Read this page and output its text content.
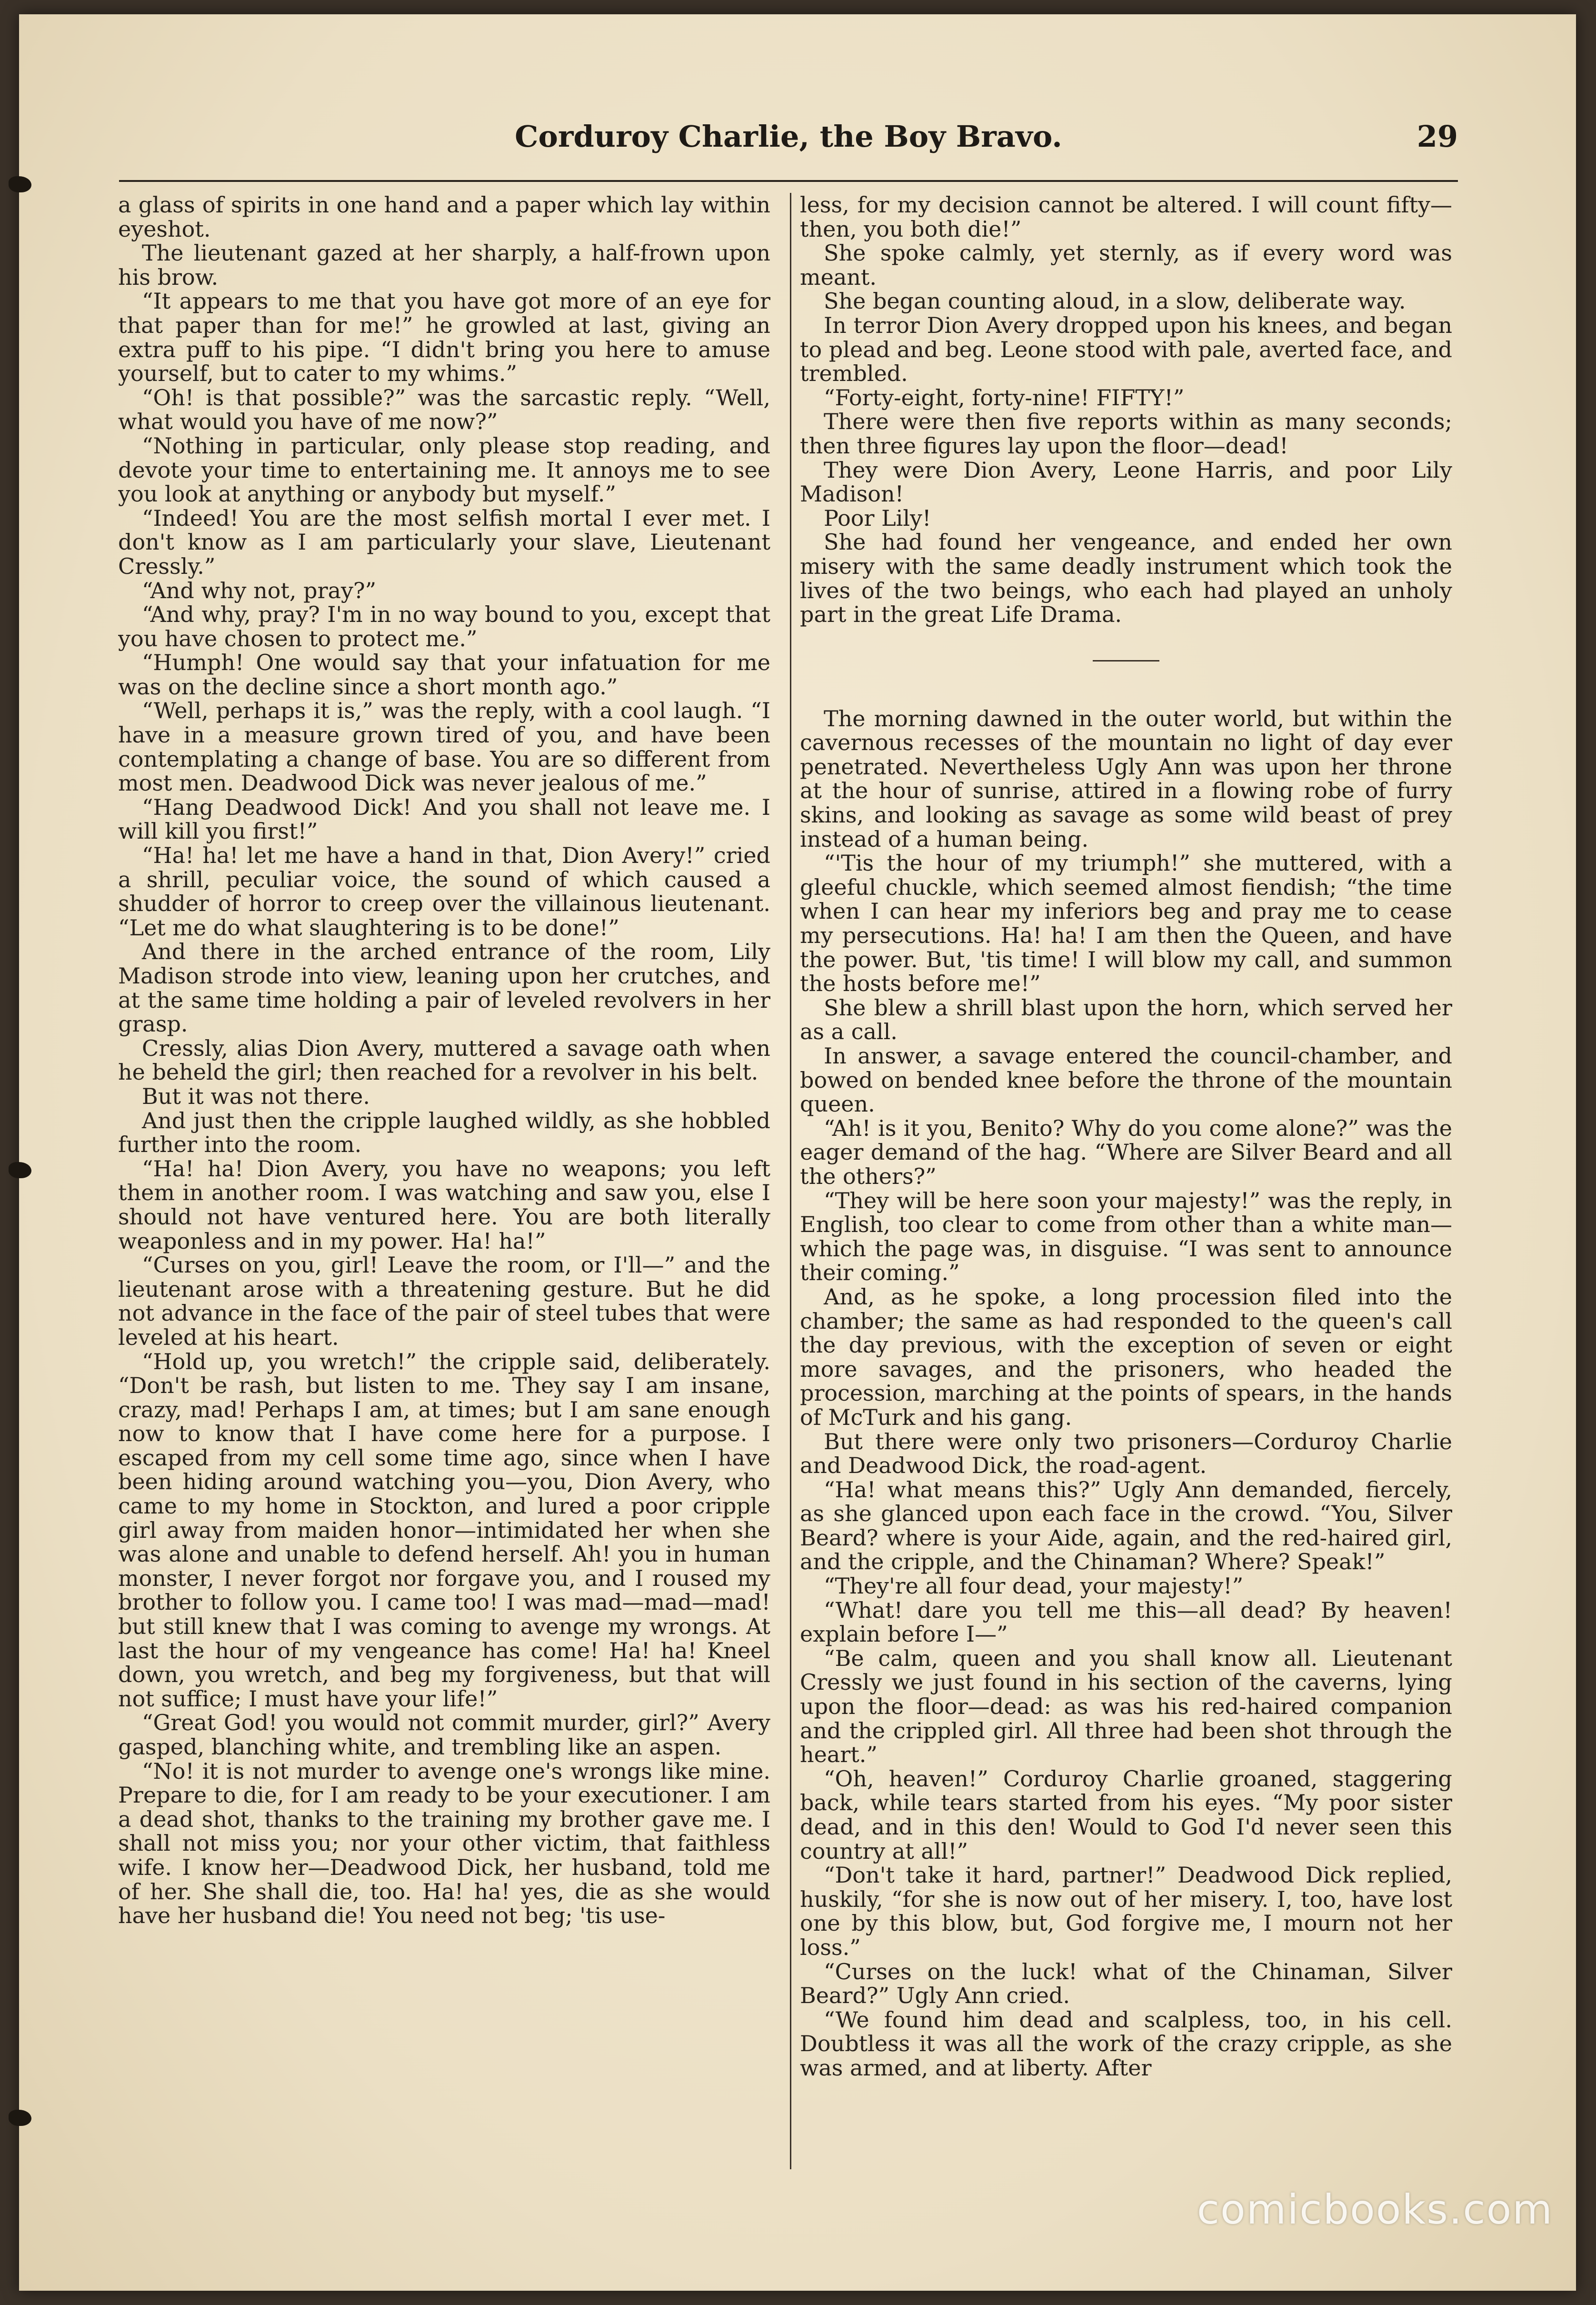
Corduroy Charlie, the Boy Bravo.	29

a glass of spirits in one hand and a paper which lay within eyeshot.

The lieutenant gazed at her sharply, a half-frown upon his brow.

“It appears to me that you have got more of an eye for that paper than for me!” he growled at last, giving an extra puff to his pipe. “I didn't bring you here to amuse yourself, but to cater to my whims.”

“Oh! is that possible?” was the sarcastic reply. “Well, what would you have of me now?”

“Nothing in particular, only please stop reading, and devote your time to entertaining me. It annoys me to see you look at anything or anybody but myself.”

“Indeed! You are the most selfish mortal I ever met. I don't know as I am particularly your slave, Lieutenant Cressly.”

“And why not, pray?”

“And why, pray? I'm in no way bound to you, except that you have chosen to protect me.”

“Humph! One would say that your infatuation for me was on the decline since a short month ago.”

“Well, perhaps it is,” was the reply, with a cool laugh. “I have in a measure grown tired of you, and have been contemplating a change of base. You are so different from most men. Deadwood Dick was never jealous of me.”

“Hang Deadwood Dick! And you shall not leave me. I will kill you first!”

“Ha! ha! let me have a hand in that, Dion Avery!” cried a shrill, peculiar voice, the sound of which caused a shudder of horror to creep over the villainous lieutenant. “Let me do what slaughtering is to be done!”

And there in the arched entrance of the room, Lily Madison strode into view, leaning upon her crutches, and at the same time holding a pair of leveled revolvers in her grasp.

Cressly, alias Dion Avery, muttered a savage oath when he beheld the girl; then reached for a revolver in his belt.

But it was not there.

And just then the cripple laughed wildly, as she hobbled further into the room.

“Ha! ha! Dion Avery, you have no weapons; you left them in another room. I was watching and saw you, else I should not have ventured here. You are both literally weaponless and in my power. Ha! ha!”

“Curses on you, girl! Leave the room, or I'll—” and the lieutenant arose with a threatening gesture. But he did not advance in the face of the pair of steel tubes that were leveled at his heart.

“Hold up, you wretch!” the cripple said, deliberately. “Don't be rash, but listen to me. They say I am insane, crazy, mad! Perhaps I am, at times; but I am sane enough now to know that I have come here for a purpose. I escaped from my cell some time ago, since when I have been hiding around watching you—you, Dion Avery, who came to my home in Stockton, and lured a poor cripple girl away from maiden honor—intimidated her when she was alone and unable to defend herself. Ah! you in human monster, I never forgot nor forgave you, and I roused my brother to follow you. I came too! I was mad—mad—mad! but still knew that I was coming to avenge my wrongs. At last the hour of my vengeance has come! Ha! ha! Kneel down, you wretch, and beg my forgiveness, but that will not suffice; I must have your life!”

“Great God! you would not commit murder, girl?” Avery gasped, blanching white, and trembling like an aspen.

“No! it is not murder to avenge one's wrongs like mine. Prepare to die, for I am ready to be your executioner. I am a dead shot, thanks to the training my brother gave me. I shall not miss you; nor your other victim, that faithless wife. I know her—Deadwood Dick, her husband, told me of her. She shall die, too. Ha! ha! yes, die as she would have her husband die! You need not beg; 'tis use-

less, for my decision cannot be altered. I will count fifty—then, you both die!”

She spoke calmly, yet sternly, as if every word was meant.

She began counting aloud, in a slow, deliberate way.

In terror Dion Avery dropped upon his knees, and began to plead and beg. Leone stood with pale, averted face, and trembled.

“Forty-eight, forty-nine! FIFTY!”

There were then five reports within as many seconds; then three figures lay upon the floor—dead!

They were Dion Avery, Leone Harris, and poor Lily Madison!

Poor Lily!

She had found her vengeance, and ended her own misery with the same deadly instrument which took the lives of the two beings, who each had played an unholy part in the great Life Drama.

The morning dawned in the outer world, but within the cavernous recesses of the mountain no light of day ever penetrated. Nevertheless Ugly Ann was upon her throne at the hour of sunrise, attired in a flowing robe of furry skins, and looking as savage as some wild beast of prey instead of a human being.

“'Tis the hour of my triumph!” she muttered, with a gleeful chuckle, which seemed almost fiendish; “the time when I can hear my inferiors beg and pray me to cease my persecutions. Ha! ha! I am then the Queen, and have the power. But, 'tis time! I will blow my call, and summon the hosts before me!”

She blew a shrill blast upon the horn, which served her as a call.

In answer, a savage entered the council-chamber, and bowed on bended knee before the throne of the mountain queen.

“Ah! is it you, Benito? Why do you come alone?” was the eager demand of the hag. “Where are Silver Beard and all the others?”

“They will be here soon your majesty!” was the reply, in English, too clear to come from other than a white man—which the page was, in disguise. “I was sent to announce their coming.”

And, as he spoke, a long procession filed into the chamber; the same as had responded to the queen's call the day previous, with the exception of seven or eight more savages, and the prisoners, who headed the procession, marching at the points of spears, in the hands of McTurk and his gang.

But there were only two prisoners—Corduroy Charlie and Deadwood Dick, the road-agent.

“Ha! what means this?” Ugly Ann demanded, fiercely, as she glanced upon each face in the crowd. “You, Silver Beard? where is your Aide, again, and the red-haired girl, and the cripple, and the Chinaman? Where? Speak!”

“They're all four dead, your majesty!”

“What! dare you tell me this—all dead? By heaven! explain before I—”

“Be calm, queen and you shall know all. Lieutenant Cressly we just found in his section of the caverns, lying upon the floor—dead: as was his red-haired companion and the crippled girl. All three had been shot through the heart.”

“Oh, heaven!” Corduroy Charlie groaned, staggering back, while tears started from his eyes. “My poor sister dead, and in this den! Would to God I'd never seen this country at all!”

“Don't take it hard, partner!” Deadwood Dick replied, huskily, “for she is now out of her misery. I, too, have lost one by this blow, but, God forgive me, I mourn not her loss.”

“Curses on the luck! what of the Chinaman, Silver Beard?” Ugly Ann cried.

“We found him dead and scalpless, too, in his cell. Doubtless it was all the work of the crazy cripple, as she was armed, and at liberty. After

comicbooks.com
